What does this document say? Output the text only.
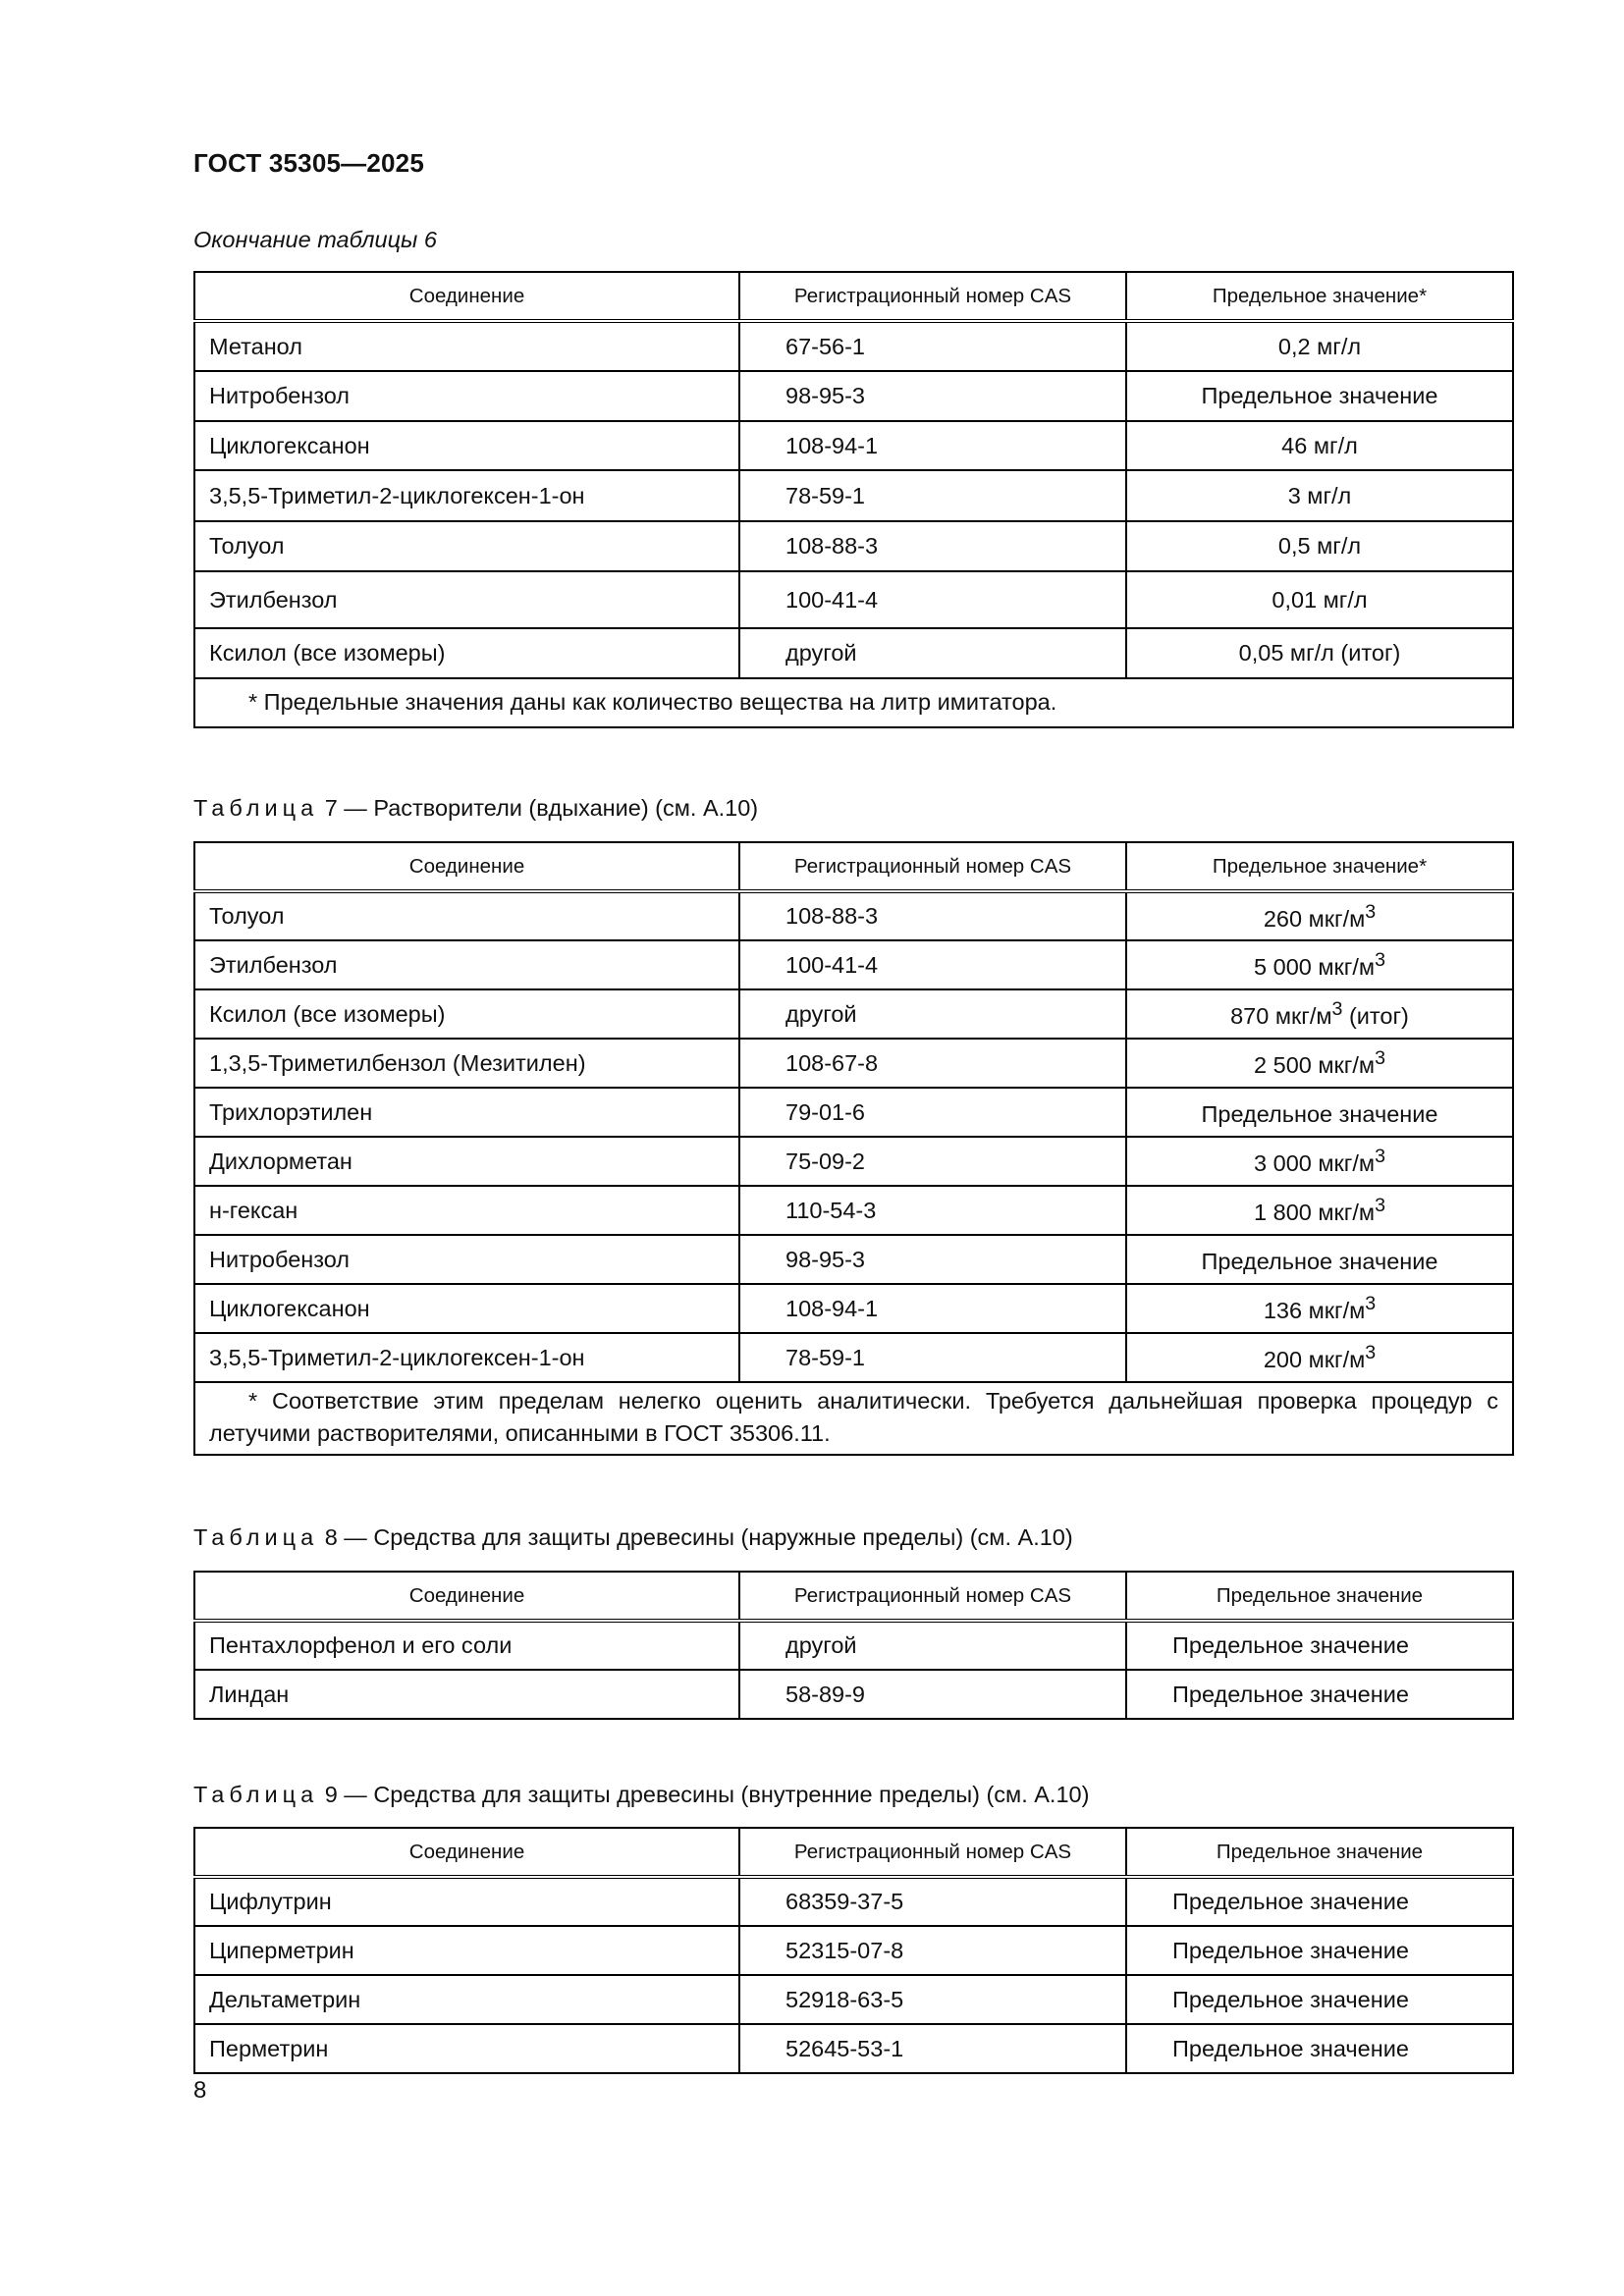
ГОСТ 35305—2025
Окончание таблицы 6
Соединение	Регистрационный номер CAS	Предельное значение*
Метанол	67-56-1	0,2 мг/л
Нитробензол	98-95-3	Предельное значение
Циклогексанон	108-94-1	46 мг/л
3,5,5-Триметил-2-циклогексен-1-он	78-59-1	3 мг/л
Толуол	108-88-3	0,5 мг/л
Этилбензол	100-41-4	0,01 мг/л
Ксилол (все изомеры)	другой	0,05 мг/л (итог)
* Предельные значения даны как количество вещества на литр имитатора.		
Таблица 7 — Растворители (вдыхание) (см. А.10)
Соединение	Регистрационный номер CAS	Предельное значение*
Толуол	108-88-3	260 мкг/$м^3$
Этилбензол	100-41-4	5 000 мкг/$м^3$
Ксилол (все изомеры)	другой	870 мкг/$м^3$ (итог)
1,3,5-Триметилбензол (Мезитилен)	108-67-8	2 500 мкг/$м^3$
Трихлорэтилен	79-01-6	Предельное значение
Дихлорметан	75-09-2	3 000 мкг/$м^3$
н-гексан	110-54-3	1 800 мкг/$м^3$
Нитробензол	98-95-3	Предельное значение
Циклогексанон	108-94-1	136 мкг/$м^3$
3,5,5-Триметил-2-циклогексен-1-он	78-59-1	200 мкг/$м^3$
* Соответствие этим пределам нелегко оценить аналитически. Требуется дальнейшая проверка процедур с летучими растворителями, описанными в ГОСТ 35306.11.		
Таблица 8 — Средства для защиты древесины (наружные пределы) (см. А.10)
Соединение	Регистрационный номер CAS	Предельное значение
Пентахлорфенол и его соли	другой	Предельное значение
Линдан	58-89-9	Предельное значение
Таблица 9 — Средства для защиты древесины (внутренние пределы) (см. А.10)
Соединение	Регистрационный номер CAS	Предельное значение
Цифлутрин	68359-37-5	Предельное значение
Циперметрин	52315-07-8	Предельное значение
Дельтаметрин	52918-63-5	Предельное значение
Перметрин	52645-53-1	Предельное значение
8
